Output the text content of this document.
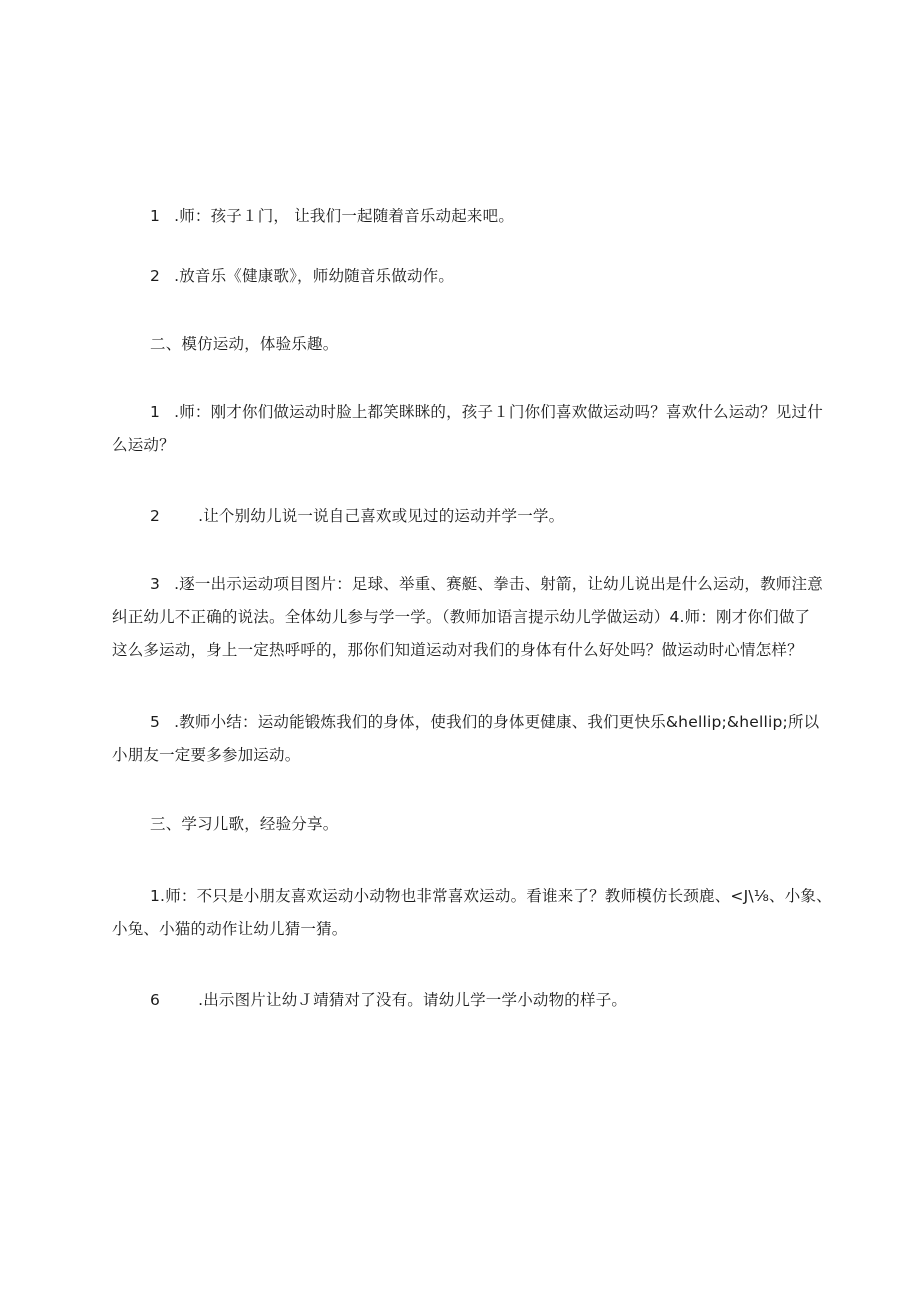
1 .师：孩子１门， 让我们一起随着音乐动起来吧。

2 .放音乐《健康歌》，师幼随音乐做动作。

二、模仿运动，体验乐趣。

1 .师：刚才你们做运动时脸上都笑眯眯的，孩子１门你们喜欢做运动吗？喜欢什么运动？见过什
么运动？

2 .让个别幼儿说一说自己喜欢或见过的运动并学一学。

3 .逐一出示运动项目图片：足球、举重、赛艇、拳击、射箭，让幼儿说出是什么运动，教师注意
纠正幼儿不正确的说法。全体幼儿参与学一学。（教师加语言提示幼儿学做运动）4.师：刚才你们做了
这么多运动，身上一定热呼呼的，那你们知道运动对我们的身体有什么好处吗？做运动时心情怎样？

5 .教师小结：运动能锻炼我们的身体，使我们的身体更健康、我们更快乐&hellip;&hellip;所以
小朋友一定要多参加运动。

三、学习儿歌，经验分享。

1.师：不只是小朋友喜欢运动小动物也非常喜欢运动。看谁来了？教师模仿长颈鹿、<J\⅛、小象、
小兔、小猫的动作让幼儿猜一猜。

6 .出示图片让幼Ｊ靖猜对了没有。请幼儿学一学小动物的样子。
